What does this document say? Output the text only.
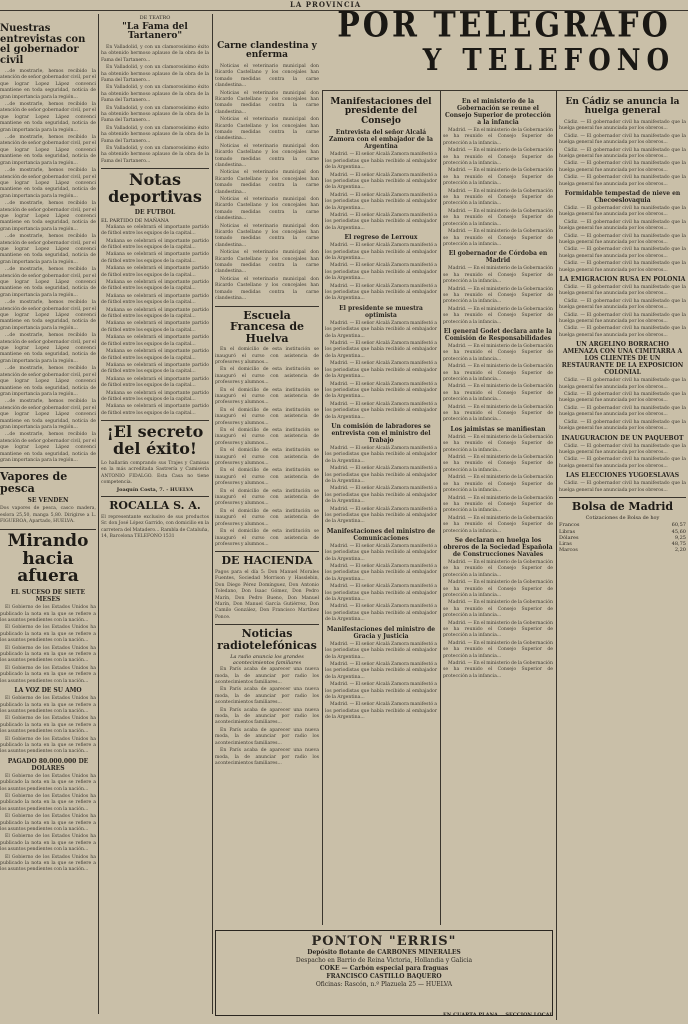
LA PROVINCIA
POR TELEGRAFO
Y TELEFONO
Nuestras entrevistas con el gobernador civil

...de mostrarle, hemos recibido la atención de señor gobernador civil, por el que lograr Lopez Lápez convenci mantiene en toda seguridad, noticia de gran importancia para la región...

...de mostrarle, hemos recibido la atención de señor gobernador civil, por el que lograr Lopez Lápez convenci mantiene en toda seguridad, noticia de gran importancia para la región...

...de mostrarle, hemos recibido la atención de señor gobernador civil, por el que lograr Lopez Lápez convenci mantiene en toda seguridad, noticia de gran importancia para la región...

...de mostrarle, hemos recibido la atención de señor gobernador civil, por el que lograr Lopez Lápez convenci mantiene en toda seguridad, noticia de gran importancia para la región...

...de mostrarle, hemos recibido la atención de señor gobernador civil, por el que lograr Lopez Lápez convenci mantiene en toda seguridad, noticia de gran importancia para la región...

...de mostrarle, hemos recibido la atención de señor gobernador civil, por el que lograr Lopez Lápez convenci mantiene en toda seguridad, noticia de gran importancia para la región...

...de mostrarle, hemos recibido la atención de señor gobernador civil, por el que lograr Lopez Lápez convenci mantiene en toda seguridad, noticia de gran importancia para la región...

...de mostrarle, hemos recibido la atención de señor gobernador civil, por el que lograr Lopez Lápez convenci mantiene en toda seguridad, noticia de gran importancia para la región...

...de mostrarle, hemos recibido la atención de señor gobernador civil, por el que lograr Lopez Lápez convenci mantiene en toda seguridad, noticia de gran importancia para la región...

...de mostrarle, hemos recibido la atención de señor gobernador civil, por el que lograr Lopez Lápez convenci mantiene en toda seguridad, noticia de gran importancia para la región...

...de mostrarle, hemos recibido la atención de señor gobernador civil, por el que lograr Lopez Lápez convenci mantiene en toda seguridad, noticia de gran importancia para la región...

...de mostrarle, hemos recibido la atención de señor gobernador civil, por el que lograr Lopez Lápez convenci mantiene en toda seguridad, noticia de gran importancia para la región...

Vapores de pesca
SE VENDEN
Dos vapores de pesca, casco madera, eslora 25,50, manga 5,80. Dirigirse a L. FIGUEROA, Apartado, HUELVA.
Mirando hacia afuera
EL SUCESO DE SIETE MESES

El Gobierno de los Estados Unidos ha publicado la nota en la que se refiere a los asuntos pendientes con la nación...

El Gobierno de los Estados Unidos ha publicado la nota en la que se refiere a los asuntos pendientes con la nación...

El Gobierno de los Estados Unidos ha publicado la nota en la que se refiere a los asuntos pendientes con la nación...

El Gobierno de los Estados Unidos ha publicado la nota en la que se refiere a los asuntos pendientes con la nación...

LA VOZ DE SU AMO

El Gobierno de los Estados Unidos ha publicado la nota en la que se refiere a los asuntos pendientes con la nación...

El Gobierno de los Estados Unidos ha publicado la nota en la que se refiere a los asuntos pendientes con la nación...

El Gobierno de los Estados Unidos ha publicado la nota en la que se refiere a los asuntos pendientes con la nación...

PAGADO 80.000.000 DE DOLARES

El Gobierno de los Estados Unidos ha publicado la nota en la que se refiere a los asuntos pendientes con la nación...

El Gobierno de los Estados Unidos ha publicado la nota en la que se refiere a los asuntos pendientes con la nación...

El Gobierno de los Estados Unidos ha publicado la nota en la que se refiere a los asuntos pendientes con la nación...

El Gobierno de los Estados Unidos ha publicado la nota en la que se refiere a los asuntos pendientes con la nación...

El Gobierno de los Estados Unidos ha publicado la nota en la que se refiere a los asuntos pendientes con la nación...

DE TEATRO
"La Fama del Tartanero"

En Valladolid, y con un clamorosísimo éxito ha obtenido hermoso aplauso de la obra de la Fama del Tartanero...

En Valladolid, y con un clamorosísimo éxito ha obtenido hermoso aplauso de la obra de la Fama del Tartanero...

En Valladolid, y con un clamorosísimo éxito ha obtenido hermoso aplauso de la obra de la Fama del Tartanero...

En Valladolid, y con un clamorosísimo éxito ha obtenido hermoso aplauso de la obra de la Fama del Tartanero...

En Valladolid, y con un clamorosísimo éxito ha obtenido hermoso aplauso de la obra de la Fama del Tartanero...

En Valladolid, y con un clamorosísimo éxito ha obtenido hermoso aplauso de la obra de la Fama del Tartanero...

Notas deportivas
DE FUTBOL
EL PARTIDO DE MAÑANA

Mañana se celebrará el importante partido de fútbol entre los equipos de la capital...

Mañana se celebrará el importante partido de fútbol entre los equipos de la capital...

Mañana se celebrará el importante partido de fútbol entre los equipos de la capital...

Mañana se celebrará el importante partido de fútbol entre los equipos de la capital...

Mañana se celebrará el importante partido de fútbol entre los equipos de la capital...

Mañana se celebrará el importante partido de fútbol entre los equipos de la capital...

Mañana se celebrará el importante partido de fútbol entre los equipos de la capital...

Mañana se celebrará el importante partido de fútbol entre los equipos de la capital...

Mañana se celebrará el importante partido de fútbol entre los equipos de la capital...

Mañana se celebrará el importante partido de fútbol entre los equipos de la capital...

Mañana se celebrará el importante partido de fútbol entre los equipos de la capital...

Mañana se celebrará el importante partido de fútbol entre los equipos de la capital...

Mañana se celebrará el importante partido de fútbol entre los equipos de la capital...

Mañana se celebrará el importante partido de fútbol entre los equipos de la capital...

¡El secreto del éxito!
Lo hallarán comprando sus Trajes y Camisas en la más acreditada Sastrería y Camisería ANTONIO FIDALGO. Esta Casa no tiene competencia.
Joaquín Costa, 7. - HUELVA
ROCALLA S. A.
El representante exclusivo de sus productos Sr. don José López Garrido, con domicilio en la carretera del Matadero... Rambla de Cataluña, 14, Barcelona TELEFONO 1531
Carne clandestina y enferma

Noticias el veterinario municipal don Ricardo Castellano y los concejales han tomado medidas contra la carne clandestina...

Noticias el veterinario municipal don Ricardo Castellano y los concejales han tomado medidas contra la carne clandestina...

Noticias el veterinario municipal don Ricardo Castellano y los concejales han tomado medidas contra la carne clandestina...

Noticias el veterinario municipal don Ricardo Castellano y los concejales han tomado medidas contra la carne clandestina...

Noticias el veterinario municipal don Ricardo Castellano y los concejales han tomado medidas contra la carne clandestina...

Noticias el veterinario municipal don Ricardo Castellano y los concejales han tomado medidas contra la carne clandestina...

Noticias el veterinario municipal don Ricardo Castellano y los concejales han tomado medidas contra la carne clandestina...

Noticias el veterinario municipal don Ricardo Castellano y los concejales han tomado medidas contra la carne clandestina...

Noticias el veterinario municipal don Ricardo Castellano y los concejales han tomado medidas contra la carne clandestina...

Escuela Francesa de Huelva

En el domicilio de esta institución se inauguró el curso con asistencia de profesores y alumnos...

En el domicilio de esta institución se inauguró el curso con asistencia de profesores y alumnos...

En el domicilio de esta institución se inauguró el curso con asistencia de profesores y alumnos...

En el domicilio de esta institución se inauguró el curso con asistencia de profesores y alumnos...

En el domicilio de esta institución se inauguró el curso con asistencia de profesores y alumnos...

En el domicilio de esta institución se inauguró el curso con asistencia de profesores y alumnos...

En el domicilio de esta institución se inauguró el curso con asistencia de profesores y alumnos...

En el domicilio de esta institución se inauguró el curso con asistencia de profesores y alumnos...

En el domicilio de esta institución se inauguró el curso con asistencia de profesores y alumnos...

En el domicilio de esta institución se inauguró el curso con asistencia de profesores y alumnos...

DE HACIENDA
Pagos para el día 5: Don Manuel Morales Fuentes, Sociedad Morrison y Hasslebin, Don Diego Pérez Domínguez, Don Antonio Toledano, Don Isaac Gómez, Don Pedro Marín, Don Pedro Bueno, Don Manuel Marín, Don Manuel García Gutiérrez, Don Camilo González, Don Francisco Martínez Ponce.
Noticias radiotelefónicas
La radio anuncia los grandes acontecimientos familiares

En París acaba de aparecer una nueva moda, la de anunciar por radio los acontecimientos familiares...

En París acaba de aparecer una nueva moda, la de anunciar por radio los acontecimientos familiares...

En París acaba de aparecer una nueva moda, la de anunciar por radio los acontecimientos familiares...

En París acaba de aparecer una nueva moda, la de anunciar por radio los acontecimientos familiares...

En París acaba de aparecer una nueva moda, la de anunciar por radio los acontecimientos familiares...

Manifestaciones del presidente del Consejo
Entrevista del señor Alcalá Zamora con el embajador de la Argentina

Madrid. — El señor Alcalá Zamora manifestó a los periodistas que había recibido al embajador de la Argentina...

Madrid. — El señor Alcalá Zamora manifestó a los periodistas que había recibido al embajador de la Argentina...

Madrid. — El señor Alcalá Zamora manifestó a los periodistas que había recibido al embajador de la Argentina...

Madrid. — El señor Alcalá Zamora manifestó a los periodistas que había recibido al embajador de la Argentina...

El regreso de Lerroux

Madrid. — El señor Alcalá Zamora manifestó a los periodistas que había recibido al embajador de la Argentina...

Madrid. — El señor Alcalá Zamora manifestó a los periodistas que había recibido al embajador de la Argentina...

Madrid. — El señor Alcalá Zamora manifestó a los periodistas que había recibido al embajador de la Argentina...

El presidente se muestra optimista

Madrid. — El señor Alcalá Zamora manifestó a los periodistas que había recibido al embajador de la Argentina...

Madrid. — El señor Alcalá Zamora manifestó a los periodistas que había recibido al embajador de la Argentina...

Madrid. — El señor Alcalá Zamora manifestó a los periodistas que había recibido al embajador de la Argentina...

Madrid. — El señor Alcalá Zamora manifestó a los periodistas que había recibido al embajador de la Argentina...

Madrid. — El señor Alcalá Zamora manifestó a los periodistas que había recibido al embajador de la Argentina...

Un comisión de labradores se entrevista con el ministro del Trabajo

Madrid. — El señor Alcalá Zamora manifestó a los periodistas que había recibido al embajador de la Argentina...

Madrid. — El señor Alcalá Zamora manifestó a los periodistas que había recibido al embajador de la Argentina...

Madrid. — El señor Alcalá Zamora manifestó a los periodistas que había recibido al embajador de la Argentina...

Madrid. — El señor Alcalá Zamora manifestó a los periodistas que había recibido al embajador de la Argentina...

Manifestaciones del ministro de Comunicaciones

Madrid. — El señor Alcalá Zamora manifestó a los periodistas que había recibido al embajador de la Argentina...

Madrid. — El señor Alcalá Zamora manifestó a los periodistas que había recibido al embajador de la Argentina...

Madrid. — El señor Alcalá Zamora manifestó a los periodistas que había recibido al embajador de la Argentina...

Madrid. — El señor Alcalá Zamora manifestó a los periodistas que había recibido al embajador de la Argentina...

Manifestaciones del ministro de Gracia y Justicia

Madrid. — El señor Alcalá Zamora manifestó a los periodistas que había recibido al embajador de la Argentina...

Madrid. — El señor Alcalá Zamora manifestó a los periodistas que había recibido al embajador de la Argentina...

Madrid. — El señor Alcalá Zamora manifestó a los periodistas que había recibido al embajador de la Argentina...

Madrid. — El señor Alcalá Zamora manifestó a los periodistas que había recibido al embajador de la Argentina...

En el ministerio de la Gobernación se reune el Consejo Superior de protección a la infancia

Madrid. — En el ministerio de la Gobernación se ha reunido el Consejo Superior de protección a la infancia...

Madrid. — En el ministerio de la Gobernación se ha reunido el Consejo Superior de protección a la infancia...

Madrid. — En el ministerio de la Gobernación se ha reunido el Consejo Superior de protección a la infancia...

Madrid. — En el ministerio de la Gobernación se ha reunido el Consejo Superior de protección a la infancia...

Madrid. — En el ministerio de la Gobernación se ha reunido el Consejo Superior de protección a la infancia...

Madrid. — En el ministerio de la Gobernación se ha reunido el Consejo Superior de protección a la infancia...

El gobernador de Córdoba en Madrid

Madrid. — En el ministerio de la Gobernación se ha reunido el Consejo Superior de protección a la infancia...

Madrid. — En el ministerio de la Gobernación se ha reunido el Consejo Superior de protección a la infancia...

Madrid. — En el ministerio de la Gobernación se ha reunido el Consejo Superior de protección a la infancia...

El general Godet declara ante la Comisión de Responsabilidades

Madrid. — En el ministerio de la Gobernación se ha reunido el Consejo Superior de protección a la infancia...

Madrid. — En el ministerio de la Gobernación se ha reunido el Consejo Superior de protección a la infancia...

Madrid. — En el ministerio de la Gobernación se ha reunido el Consejo Superior de protección a la infancia...

Madrid. — En el ministerio de la Gobernación se ha reunido el Consejo Superior de protección a la infancia...

Los jaimistas se manifiestan

Madrid. — En el ministerio de la Gobernación se ha reunido el Consejo Superior de protección a la infancia...

Madrid. — En el ministerio de la Gobernación se ha reunido el Consejo Superior de protección a la infancia...

Madrid. — En el ministerio de la Gobernación se ha reunido el Consejo Superior de protección a la infancia...

Madrid. — En el ministerio de la Gobernación se ha reunido el Consejo Superior de protección a la infancia...

Madrid. — En el ministerio de la Gobernación se ha reunido el Consejo Superior de protección a la infancia...

Se declaran en huelga los obreros de la Sociedad Española de Construcciones Navales

Madrid. — En el ministerio de la Gobernación se ha reunido el Consejo Superior de protección a la infancia...

Madrid. — En el ministerio de la Gobernación se ha reunido el Consejo Superior de protección a la infancia...

Madrid. — En el ministerio de la Gobernación se ha reunido el Consejo Superior de protección a la infancia...

Madrid. — En el ministerio de la Gobernación se ha reunido el Consejo Superior de protección a la infancia...

Madrid. — En el ministerio de la Gobernación se ha reunido el Consejo Superior de protección a la infancia...

Madrid. — En el ministerio de la Gobernación se ha reunido el Consejo Superior de protección a la infancia...

En Cádiz se anuncia la huelga general

Cádiz. — El gobernador civil ha manifestado que la huelga general fue anunciada por los obreros...

Cádiz. — El gobernador civil ha manifestado que la huelga general fue anunciada por los obreros...

Cádiz. — El gobernador civil ha manifestado que la huelga general fue anunciada por los obreros...

Cádiz. — El gobernador civil ha manifestado que la huelga general fue anunciada por los obreros...

Cádiz. — El gobernador civil ha manifestado que la huelga general fue anunciada por los obreros...

Formidable tempestad de nieve en Checoeslovaquia

Cádiz. — El gobernador civil ha manifestado que la huelga general fue anunciada por los obreros...

Cádiz. — El gobernador civil ha manifestado que la huelga general fue anunciada por los obreros...

Cádiz. — El gobernador civil ha manifestado que la huelga general fue anunciada por los obreros...

Cádiz. — El gobernador civil ha manifestado que la huelga general fue anunciada por los obreros...

Cádiz. — El gobernador civil ha manifestado que la huelga general fue anunciada por los obreros...

LA EMIGRACION RUSA EN POLONIA

Cádiz. — El gobernador civil ha manifestado que la huelga general fue anunciada por los obreros...

Cádiz. — El gobernador civil ha manifestado que la huelga general fue anunciada por los obreros...

Cádiz. — El gobernador civil ha manifestado que la huelga general fue anunciada por los obreros...

Cádiz. — El gobernador civil ha manifestado que la huelga general fue anunciada por los obreros...

UN ARGELINO BORRACHO AMENAZA CON UNA CIMITARRA A LOS CLIENTES DE UN RESTAURANTE DE LA EXPOSICION COLONIAL

Cádiz. — El gobernador civil ha manifestado que la huelga general fue anunciada por los obreros...

Cádiz. — El gobernador civil ha manifestado que la huelga general fue anunciada por los obreros...

Cádiz. — El gobernador civil ha manifestado que la huelga general fue anunciada por los obreros...

Cádiz. — El gobernador civil ha manifestado que la huelga general fue anunciada por los obreros...

INAUGURACION DE UN PAQUEBOT

Cádiz. — El gobernador civil ha manifestado que la huelga general fue anunciada por los obreros...

Cádiz. — El gobernador civil ha manifestado que la huelga general fue anunciada por los obreros...

LAS ELECCIONES YUGOESLAVAS

Cádiz. — El gobernador civil ha manifestado que la huelga general fue anunciada por los obreros...

Bolsa de Madrid
Cotizaciones de Bolsa de hoy
Francos	60,57
Libras	45,60
Dólares	9,25
Liras	48,75
Marcos	2,20
PONTON "ERRIS"
Depósito flotante de CARBONES MINERALES
Despacho en Barrio de Reina Victoria, Hollandia y Galicia
COKE — Carbón especial para fraguas
FRANCISCO CASTILLO BAQUERO
Oficinas: Rascón, n.º Plazuela 25 — HUELVA
EN CUARTA PLANA SECCION LOCAL
